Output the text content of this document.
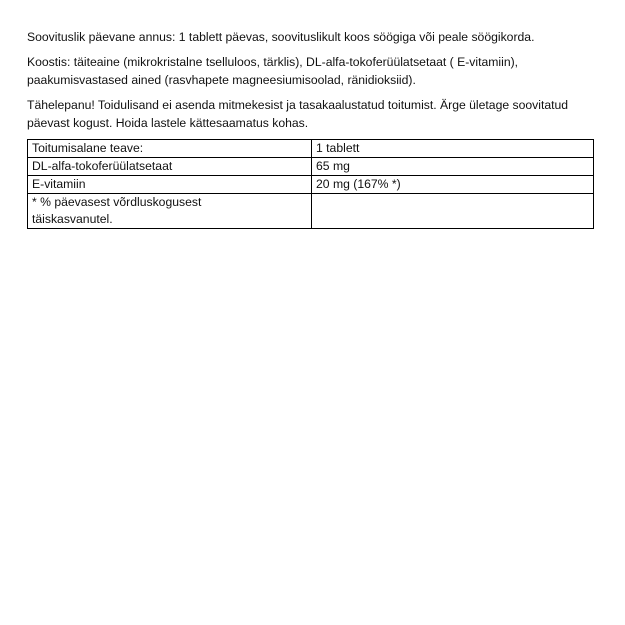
Soovituslik päevane annus: 1 tablett päevas, soovituslikult koos söögiga või peale söögikorda.

Koostis: täiteaine (mikrokristalne tselluloos, tärklis), DL-alfa-tokoferüülatsetaat ( E-vitamiin), paakumisvastased ained (rasvhapete magneesiumisoolad, ränidioksiid).

Tähelepanu! Toidulisand ei asenda mitmekesist ja tasakaalustatud toitumist. Ärge ületage soovitatud päevast kogust. Hoida lastele kättesaamatus kohas.

Toitumisalane teave:	1 tablett
DL-alfa-tokoferüülatsetaat	65 mg
E-vitamiin	20 mg (167% *)

* % päevasest võrdluskogusest
täiskasvanutel.	
